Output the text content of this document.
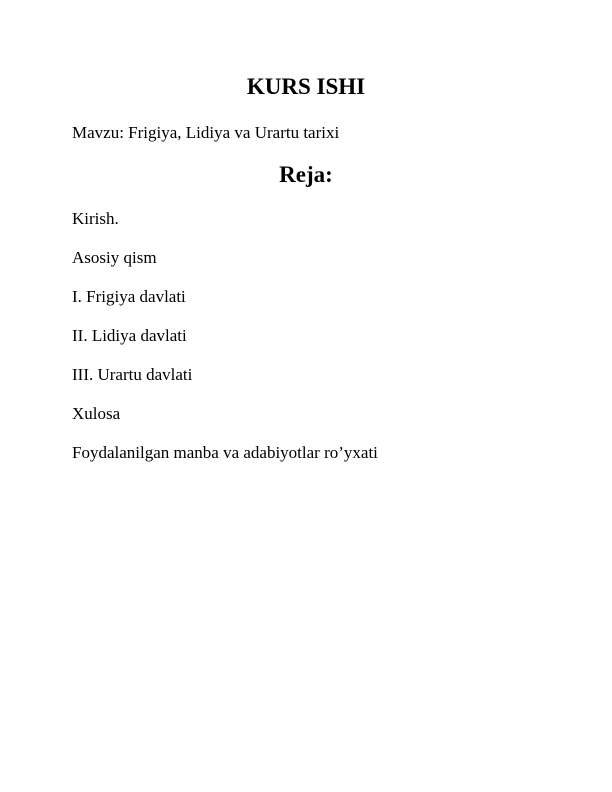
KURS ISHI
Mavzu: Frigiya, Lidiya va Urartu tarixi
Reja:
Kirish.
Asosiy qism
I. Frigiya davlati
II. Lidiya davlati
III. Urartu davlati
Xulosa
Foydalanilgan manba va adabiyotlar ro’yxati
